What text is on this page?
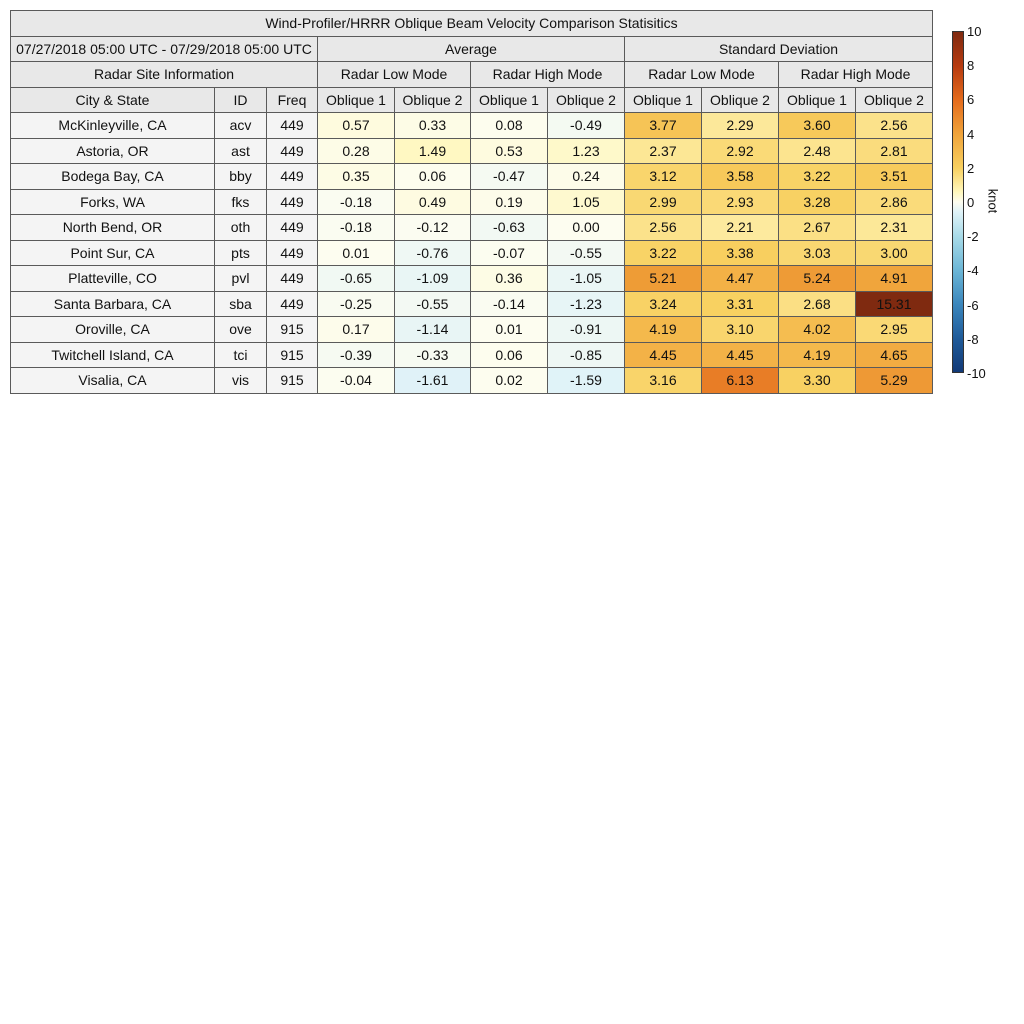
Wind-Profiler/HRRR Oblique Beam Velocity Comparison Statisitics										
07/27/2018 05:00 UTC - 07/29/2018 05:00 UTC			Average				Standard Deviation			
Radar Site Information			Radar Low Mode		Radar High Mode		Radar Low Mode		Radar High Mode	
City & State	ID	Freq	Oblique 1	Oblique 2	Oblique 1	Oblique 2	Oblique 1	Oblique 2	Oblique 1	Oblique 2
McKinleyville, CA	acv	449	0.57	0.33	0.08	-0.49	3.77	2.29	3.60	2.56
Astoria, OR	ast	449	0.28	1.49	0.53	1.23	2.37	2.92	2.48	2.81
Bodega Bay, CA	bby	449	0.35	0.06	-0.47	0.24	3.12	3.58	3.22	3.51
Forks, WA	fks	449	-0.18	0.49	0.19	1.05	2.99	2.93	3.28	2.86
North Bend, OR	oth	449	-0.18	-0.12	-0.63	0.00	2.56	2.21	2.67	2.31
Point Sur, CA	pts	449	0.01	-0.76	-0.07	-0.55	3.22	3.38	3.03	3.00
Platteville, CO	pvl	449	-0.65	-1.09	0.36	-1.05	5.21	4.47	5.24	4.91
Santa Barbara, CA	sba	449	-0.25	-0.55	-0.14	-1.23	3.24	3.31	2.68	15.31
Oroville, CA	ove	915	0.17	-1.14	0.01	-0.91	4.19	3.10	4.02	2.95
Twitchell Island, CA	tci	915	-0.39	-0.33	0.06	-0.85	4.45	4.45	4.19	4.65
Visalia, CA	vis	915	-0.04	-1.61	0.02	-1.59	3.16	6.13	3.30	5.29
10
8
6
4
2
0
-2
-4
-6
-8
-10
knot
